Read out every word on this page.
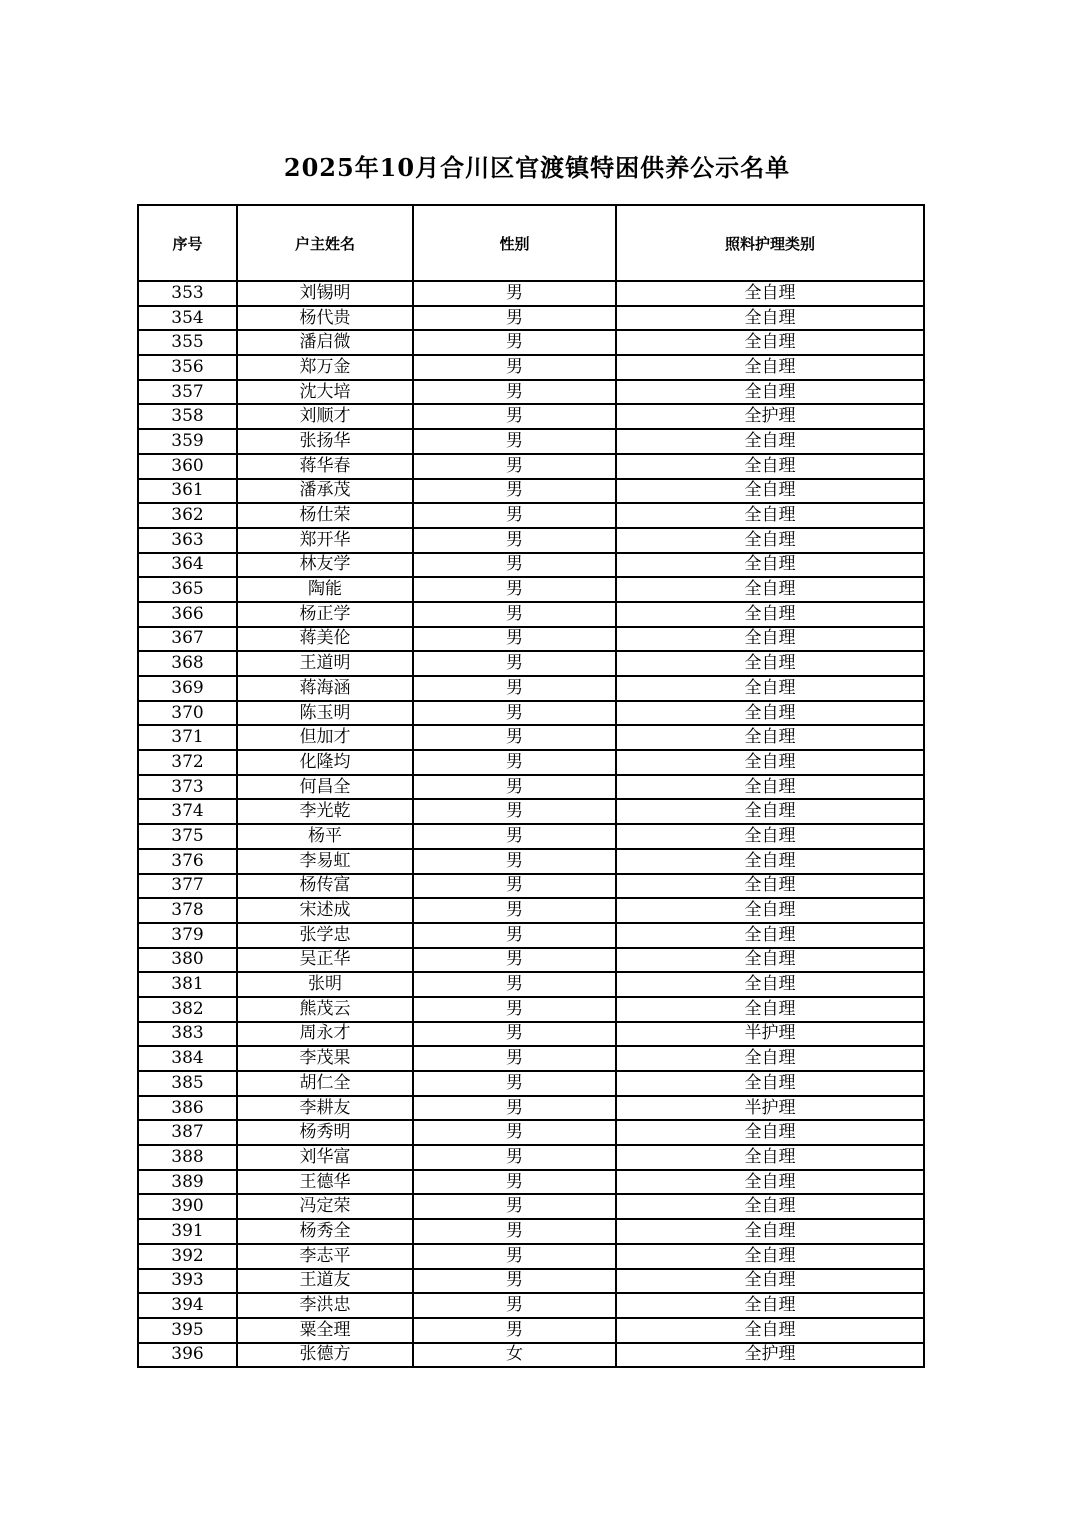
2025年10月合川区官渡镇特困供养公示名单
序号	户主姓名	性别	照料护理类别
353	刘锡明	男	全自理
354	杨代贵	男	全自理
355	潘启微	男	全自理
356	郑万金	男	全自理
357	沈大培	男	全自理
358	刘顺才	男	全护理
359	张扬华	男	全自理
360	蒋华春	男	全自理
361	潘承茂	男	全自理
362	杨仕荣	男	全自理
363	郑开华	男	全自理
364	林友学	男	全自理
365	陶能	男	全自理
366	杨正学	男	全自理
367	蒋美伦	男	全自理
368	王道明	男	全自理
369	蒋海涵	男	全自理
370	陈玉明	男	全自理
371	但加才	男	全自理
372	化隆均	男	全自理
373	何昌全	男	全自理
374	李光乾	男	全自理
375	杨平	男	全自理
376	李易虹	男	全自理
377	杨传富	男	全自理
378	宋述成	男	全自理
379	张学忠	男	全自理
380	吴正华	男	全自理
381	张明	男	全自理
382	熊茂云	男	全自理
383	周永才	男	半护理
384	李茂果	男	全自理
385	胡仁全	男	全自理
386	李耕友	男	半护理
387	杨秀明	男	全自理
388	刘华富	男	全自理
389	王德华	男	全自理
390	冯定荣	男	全自理
391	杨秀全	男	全自理
392	李志平	男	全自理
393	王道友	男	全自理
394	李洪忠	男	全自理
395	粟全理	男	全自理
396	张德方	女	全护理
